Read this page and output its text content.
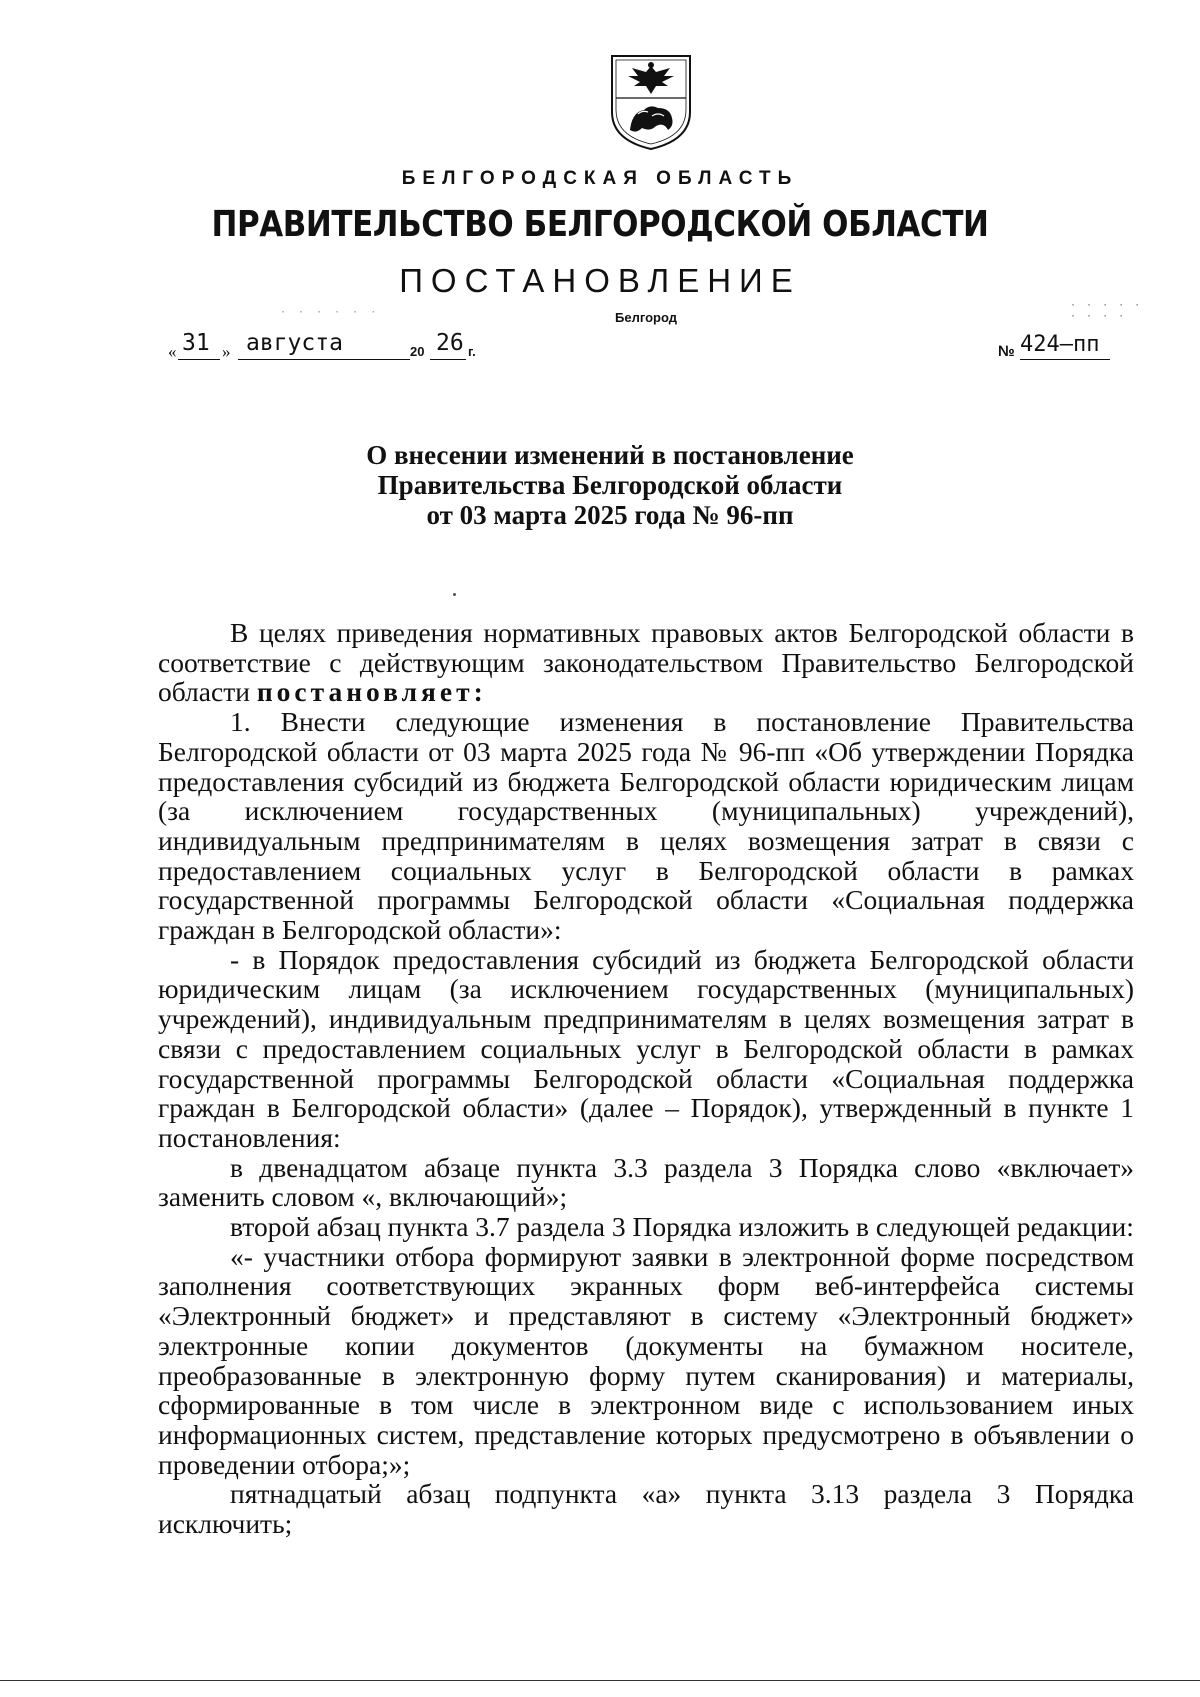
БЕЛГОРОДСКАЯ ОБЛАСТЬ
ПРАВИТЕЛЬСТВО БЕЛГОРОДСКОЙ ОБЛАСТИ
ПОСТАНОВЛЕНИЕ
Белгород
· · · · · ·
· · · · ·
· · · ·
« 31 » августа	20 26 г.	№ 424–пп
О внесении изменений в постановление
Правительства Белгородской области
от 03 марта 2025 года № 96-пп

В целях приведения нормативных правовых актов Белгородской области в соответствие с действующим законодательством Правительство Белгородской области постановляет:

1. Внести следующие изменения в постановление Правительства Белгородской области от 03 марта 2025 года № 96-пп «Об утверждении Порядка предоставления субсидий из бюджета Белгородской области юридическим лицам (за исключением государственных (муниципальных) учреждений), индивидуальным предпринимателям в целях возмещения затрат в связи с предоставлением социальных услуг в Белгородской области в рамках государственной программы Белгородской области «Социальная поддержка граждан в Белгородской области»:

- в Порядок предоставления субсидий из бюджета Белгородской области юридическим лицам (за исключением государственных (муниципальных) учреждений), индивидуальным предпринимателям в целях возмещения затрат в связи с предоставлением социальных услуг в Белгородской области в рамках государственной программы Белгородской области «Социальная поддержка граждан в Белгородской области» (далее – Порядок), утвержденный в пункте 1 постановления:

в двенадцатом абзаце пункта 3.3 раздела 3 Порядка слово «включает» заменить словом «, включающий»;

второй абзац пункта 3.7 раздела 3 Порядка изложить в следующей редакции:

«- участники отбора формируют заявки в электронной форме посредством заполнения соответствующих экранных форм веб-интерфейса системы «Электронный бюджет» и представляют в систему «Электронный бюджет» электронные копии документов (документы на бумажном носителе, преобразованные в электронную форму путем сканирования) и материалы, сформированные в том числе в электронном виде с использованием иных информационных систем, представление которых предусмотрено в объявлении о проведении отбора;»;

пятнадцатый абзац подпункта «а» пункта 3.13 раздела 3 Порядка исключить;
